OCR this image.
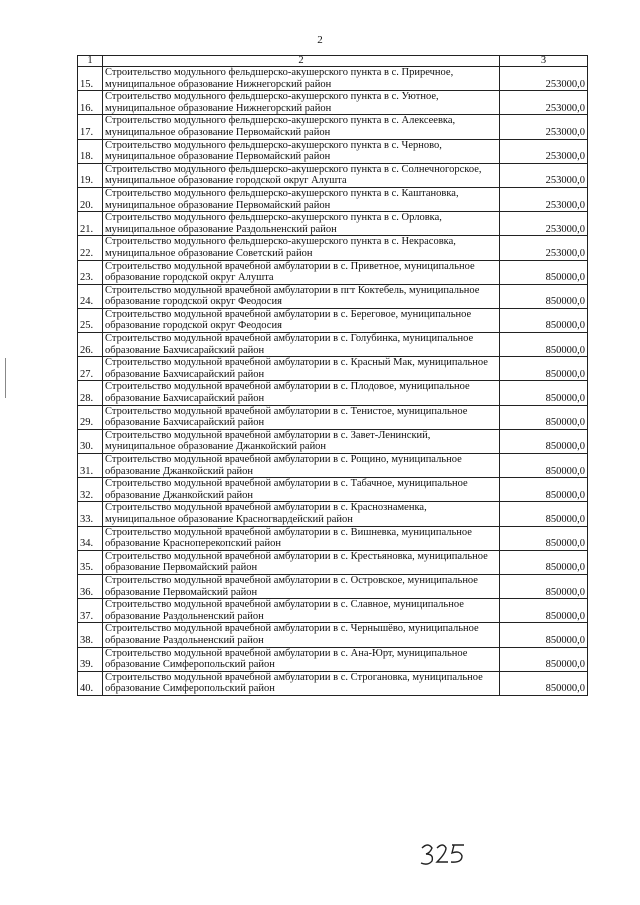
2
1	2	3
15.	Строительство модульного фельдшерско-акушерского пункта в с. Приречное, муниципальное образование Нижнегорский район	253000,0
16.	Строительство модульного фельдшерско-акушерского пункта в с. Уютное, муниципальное образование Нижнегорский район	253000,0
17.	Строительство модульного фельдшерско-акушерского пункта в с. Алексеевка, муниципальное образование Первомайский район	253000,0
18.	Строительство модульного фельдшерско-акушерского пункта в с. Черново, муниципальное образование Первомайский район	253000,0
19.	Строительство модульного фельдшерско-акушерского пункта в с. Солнечногорское, муниципальное образование городской округ Алушта	253000,0
20.	Строительство модульного фельдшерско-акушерского пункта в с. Каштановка, муниципальное образование Первомайский район	253000,0
21.	Строительство модульного фельдшерско-акушерского пункта в с. Орловка, муниципальное образование Раздольненский район	253000,0
22.	Строительство модульного фельдшерско-акушерского пункта в с. Некрасовка, муниципальное образование Советский район	253000,0
23.	Строительство модульной врачебной амбулатории в с. Приветное, муниципальное образование городской округ Алушта	850000,0
24.	Строительство модульной врачебной амбулатории в пгт Коктебель, муниципальное образование городской округ Феодосия	850000,0
25.	Строительство модульной врачебной амбулатории в с. Береговое, муниципальное образование городской округ Феодосия	850000,0
26.	Строительство модульной врачебной амбулатории в с. Голубинка, муниципальное образование Бахчисарайский район	850000,0
27.	Строительство модульной врачебной амбулатории в с. Красный Мак, муниципальное образование Бахчисарайский район	850000,0
28.	Строительство модульной врачебной амбулатории в с. Плодовое, муниципальное образование Бахчисарайский район	850000,0
29.	Строительство модульной врачебной амбулатории в с. Тенистое, муниципальное образование Бахчисарайский район	850000,0
30.	Строительство модульной врачебной амбулатории в с. Завет-Ленинский, муниципальное образование Джанкойский район	850000,0
31.	Строительство модульной врачебной амбулатории в с. Рощино, муниципальное образование Джанкойский район	850000,0
32.	Строительство модульной врачебной амбулатории в с. Табачное, муниципальное образование Джанкойский район	850000,0
33.	Строительство модульной врачебной амбулатории в с. Краснознаменка, муниципальное образование Красногвардейский район	850000,0
34.	Строительство модульной врачебной амбулатории в с. Вишневка, муниципальное образование Красноперекопский район	850000,0
35.	Строительство модульной врачебной амбулатории в с. Крестьяновка, муниципальное образование Первомайский район	850000,0
36.	Строительство модульной врачебной амбулатории в с. Островское, муниципальное образование Первомайский район	850000,0
37.	Строительство модульной врачебной амбулатории в с. Славное, муниципальное образование Раздольненский район	850000,0
38.	Строительство модульной врачебной амбулатории в с. Чернышёво, муниципальное образование Раздольненский район	850000,0
39.	Строительство модульной врачебной амбулатории в с. Ана-Юрт, муниципальное образование Симферопольский район	850000,0
40.	Строительство модульной врачебной амбулатории в с. Строгановка, муниципальное образование Симферопольский район	850000,0
